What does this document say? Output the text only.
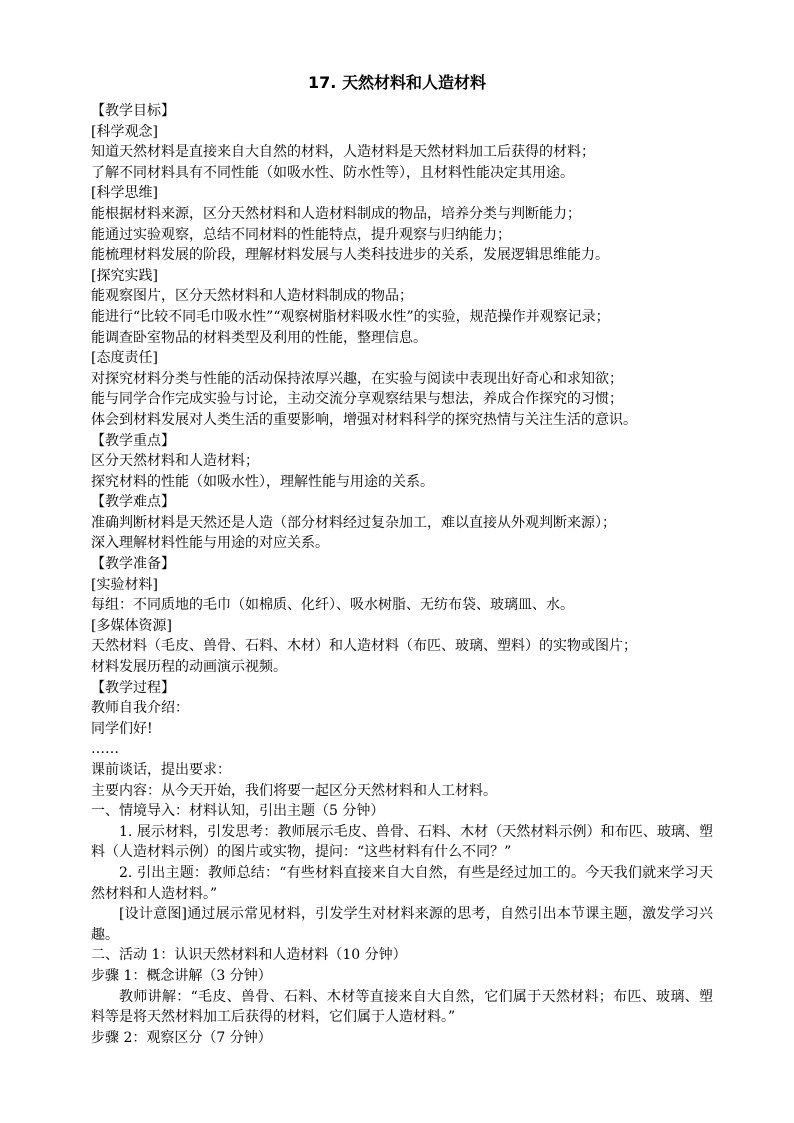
17. 天然材料和人造材料
【教学目标】
[科学观念]
知道天然材料是直接来自大自然的材料，人造材料是天然材料加工后获得的材料；
了解不同材料具有不同性能（如吸水性、防水性等），且材料性能决定其用途。
[科学思维]
能根据材料来源，区分天然材料和人造材料制成的物品，培养分类与判断能力；
能通过实验观察，总结不同材料的性能特点，提升观察与归纳能力；
能梳理材料发展的阶段，理解材料发展与人类科技进步的关系，发展逻辑思维能力。
[探究实践]
能观察图片，区分天然材料和人造材料制成的物品；
能进行“比较不同毛巾吸水性”“观察树脂材料吸水性”的实验，规范操作并观察记录；
能调查卧室物品的材料类型及利用的性能，整理信息。
[态度责任]
对探究材料分类与性能的活动保持浓厚兴趣，在实验与阅读中表现出好奇心和求知欲；
能与同学合作完成实验与讨论，主动交流分享观察结果与想法，养成合作探究的习惯；
体会到材料发展对人类生活的重要影响，增强对材料科学的探究热情与关注生活的意识。
【教学重点】
区分天然材料和人造材料；
探究材料的性能（如吸水性），理解性能与用途的关系。
【教学难点】
准确判断材料是天然还是人造（部分材料经过复杂加工，难以直接从外观判断来源）；
深入理解材料性能与用途的对应关系。
【教学准备】
[实验材料]
每组：不同质地的毛巾（如棉质、化纤）、吸水树脂、无纺布袋、玻璃皿、水。
[多媒体资源]
天然材料（毛皮、兽骨、石料、木材）和人造材料（布匹、玻璃、塑料）的实物或图片；
材料发展历程的动画演示视频。
【教学过程】
教师自我介绍：
同学们好!
……
课前谈话，提出要求：
主要内容：从今天开始，我们将要一起区分天然材料和人工材料。
一、情境导入：材料认知，引出主题（5 分钟）
1. 展示材料，引发思考：教师展示毛皮、兽骨、石料、木材（天然材料示例）和布匹、玻璃、塑料（人造材料示例）的图片或实物，提问：“这些材料有什么不同？”
2. 引出主题：教师总结：“有些材料直接来自大自然，有些是经过加工的。今天我们就来学习天然材料和人造材料。”
[设计意图]通过展示常见材料，引发学生对材料来源的思考，自然引出本节课主题，激发学习兴趣。
二、活动 1：认识天然材料和人造材料（10 分钟）
步骤 1：概念讲解（3 分钟）
教师讲解：“毛皮、兽骨、石料、木材等直接来自大自然，它们属于天然材料；布匹、玻璃、塑料等是将天然材料加工后获得的材料，它们属于人造材料。”
步骤 2：观察区分（7 分钟）
